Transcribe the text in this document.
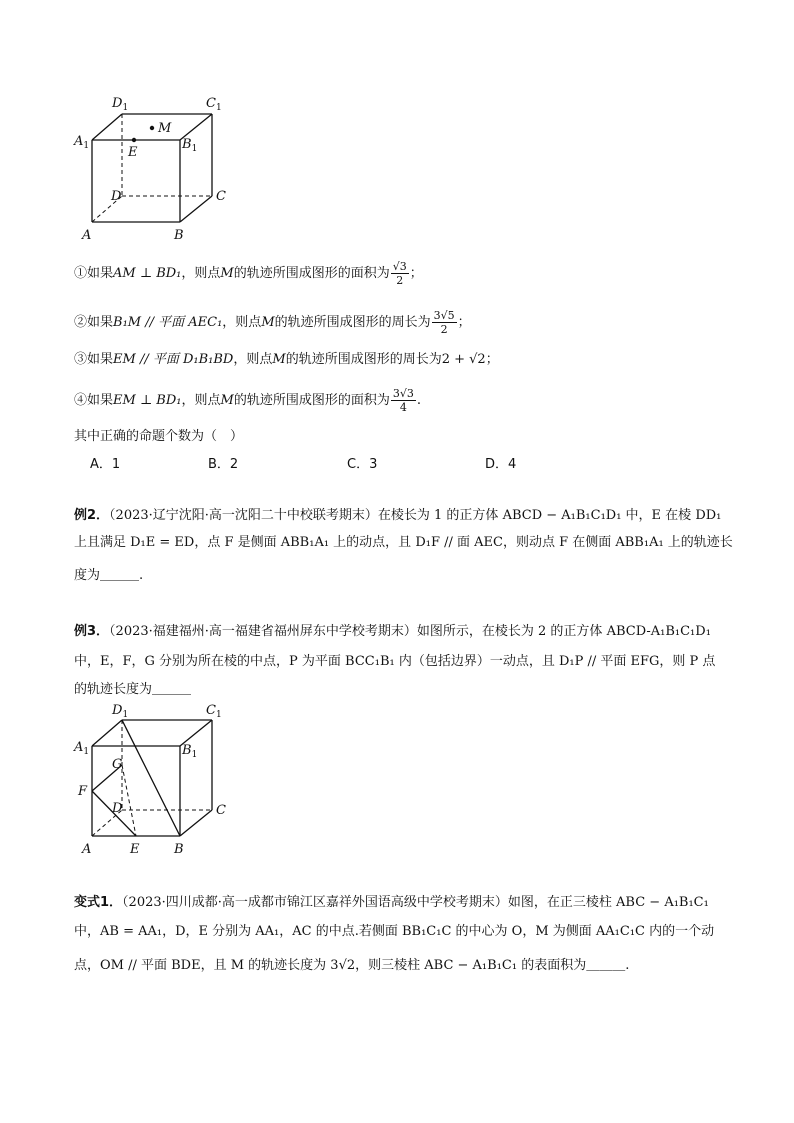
$D_1$	$C_1$
$A_1$	$B_1$
M
E
D	C
A	B
①如果AM ⊥ BD₁，则点M的轨迹所围成图形的面积为 $\frac{√3}{2}$ ；
②如果B₁M // 平面 AEC₁，则点M的轨迹所围成图形的周长为 $\frac{3√5}{2}$ ；
③如果EM // 平面 D₁B₁BD，则点M的轨迹所围成图形的周长为2 + √2；
④如果EM ⊥ BD₁，则点M的轨迹所围成图形的面积为 $\frac{3√3}{4}$ .
其中正确的命题个数为（　）
A．1	B．2	C．3	D．4
例2．（2023·辽宁沈阳·高一沈阳二十中校联考期末）在棱长为 1 的正方体 ABCD − A₁B₁C₁D₁ 中，E 在棱 DD₁
上且满足 D₁E = ED，点 F 是侧面 ABB₁A₁ 上的动点，且 D₁F // 面 AEC，则动点 F 在侧面 ABB₁A₁ 上的轨迹长
度为＿＿＿.
例3．（2023·福建福州·高一福建省福州屏东中学校考期末）如图所示，在棱长为 2 的正方体 ABCD-A₁B₁C₁D₁
中，E，F，G 分别为所在棱的中点，P 为平面 BCC₁B₁ 内（包括边界）一动点，且 D₁P // 平面 EFG，则 P 点
的轨迹长度为＿＿＿
$D_1$	$C_1$
$A_1$	$B_1$
G
F
D	C
A	E	B
变式1．（2023·四川成都·高一成都市锦江区嘉祥外国语高级中学校考期末）如图，在正三棱柱 ABC − A₁B₁C₁
中，AB = AA₁，D，E 分别为 AA₁，AC 的中点.若侧面 BB₁C₁C 的中心为 O，M 为侧面 AA₁C₁C 内的一个动
点，OM // 平面 BDE，且 M 的轨迹长度为 3√2，则三棱柱 ABC − A₁B₁C₁ 的表面积为＿＿＿.
